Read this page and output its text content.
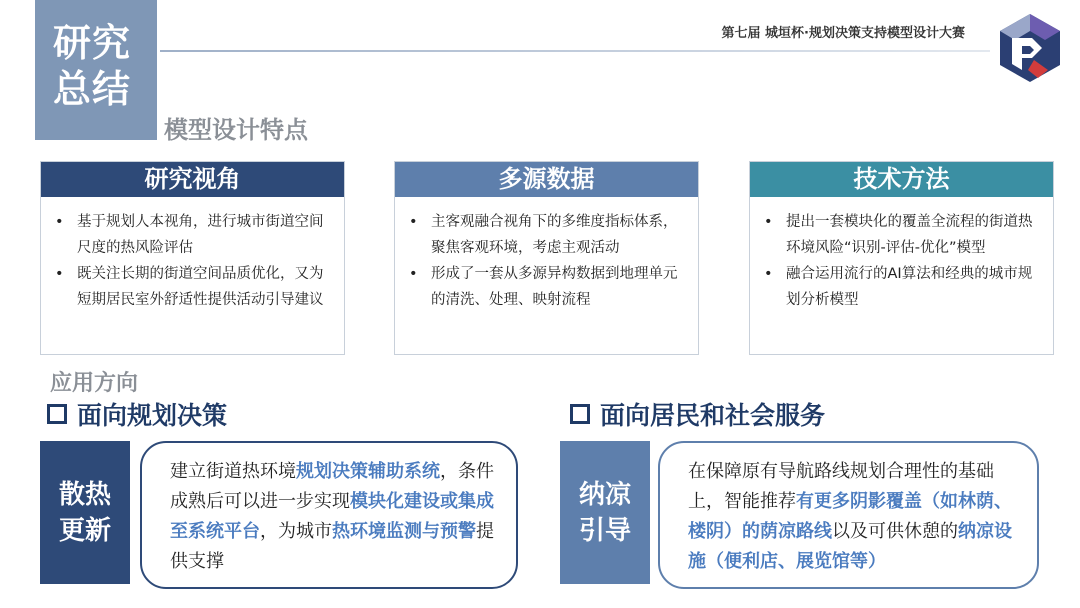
研究
总结
第七届 城垣杯·规划决策支持模型设计大赛
模型设计特点
研究视角
• 基于规划人本视角，进行城市街道空间尺度的热风险评估
• 既关注长期的街道空间品质优化，又为短期居民室外舒适性提供活动引导建议
多源数据
• 主客观融合视角下的多维度指标体系，聚焦客观环境，考虑主观活动
• 形成了一套从多源异构数据到地理单元的清洗、处理、映射流程
技术方法
• 提出一套模块化的覆盖全流程的街道热环境风险“识别-评估-优化”模型
• 融合运用流行的AI算法和经典的城市规划分析模型
应用方向
面向规划决策	面向居民和社会服务
散热
更新
建立街道热环境规划决策辅助系统，条件成熟后可以进一步实现模块化建设或集成至系统平台，为城市热环境监测与预警提供支撑
纳凉
引导
在保障原有导航路线规划合理性的基础上，智能推荐有更多阴影覆盖（如林荫、楼阴）的荫凉路线以及可供休憩的纳凉设施（便利店、展览馆等）
